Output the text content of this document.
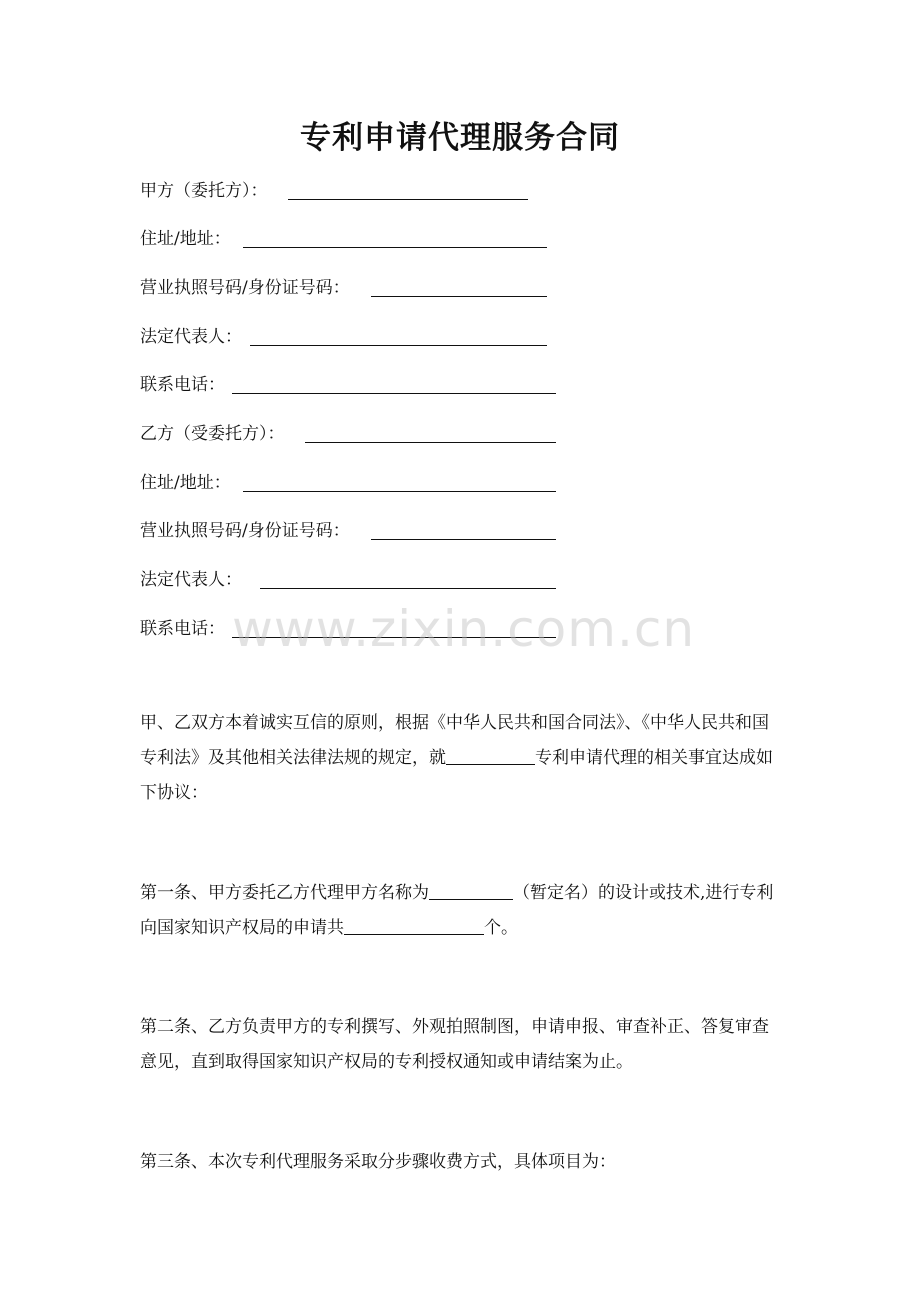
专利申请代理服务合同
甲方（委托方）：
住址/地址：
营业执照号码/身份证号码：
法定代表人：
联系电话：
乙方（受委托方）：
住址/地址：
营业执照号码/身份证号码：
法定代表人：
联系电话： www.zixin.com.cn

甲、乙双方本着诚实互信的原则，根据《中华人民共和国合同法》、《中华人民共和国专利法》及其他相关法律法规的规定，就	专利申请代理的相关事宜达成如下协议：

第一条、甲方委托乙方代理甲方名称为	（暂定名）的设计或技术,进行专利向国家知识产权局的申请共	个。

第二条、乙方负责甲方的专利撰写、外观拍照制图，申请申报、审查补正、答复审查意见，直到取得国家知识产权局的专利授权通知或申请结案为止。

第三条、本次专利代理服务采取分步骤收费方式，具体项目为：
